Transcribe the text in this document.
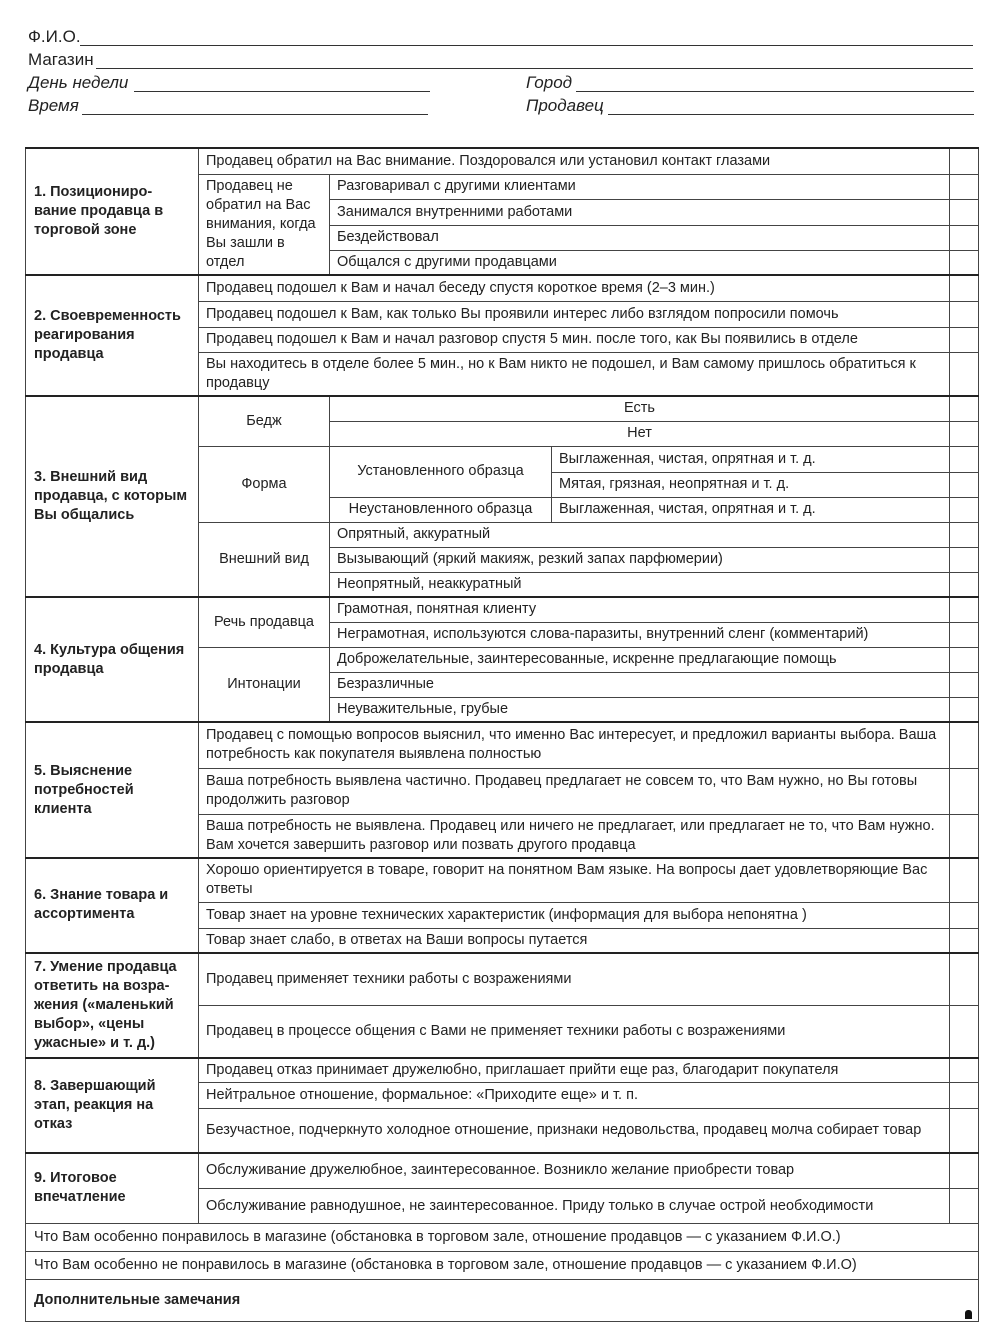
Ф.И.О.
Магазин
День недели
Время
Город
Продавец
1. Позициониро-вание продавца в торговой зоне	Продавец обратил на Вас внимание. Поздоровался или установил контакт глазами			
	Продавец не обратил на Вас внимания, когда Вы зашли в отдел	Разговаривал с другими клиентами		
		Занимался внутренними работами		
		Бездействовал		
		Общался с другими продавцами		
2. Своевременность реагирования продавца	Продавец подошел к Вам и начал беседу спустя короткое время (2–3 мин.)			
	Продавец подошел к Вам, как только Вы проявили интерес либо взглядом попросили помочь			
	Продавец подошел к Вам и начал разговор спустя 5 мин. после того, как Вы появились в отделе			
	Вы находитесь в отделе более 5 мин., но к Вам никто не подошел, и Вам самому пришлось обратиться к продавцу			
3. Внешний вид продавца, с которым Вы общались	Бедж	Есть		
		Нет		
	Форма	Установленного образца	Выглаженная, чистая, опрятная и т. д.	
			Мятая, грязная, неопрятная и т. д.	
		Неустановленного образца	Выглаженная, чистая, опрятная и т. д.	
	Внешний вид	Опрятный, аккуратный		
		Вызывающий (яркий макияж, резкий запах парфюмерии)		
		Неопрятный, неаккуратный		
4. Культура общения продавца	Речь продавца	Грамотная, понятная клиенту		
		Неграмотная, используются слова-паразиты, внутренний сленг (комментарий)		
	Интонации	Доброжелательные, заинтересованные, искренне предлагающие помощь		
		Безразличные		
		Неуважительные, грубые		
5. Выяснение потребностей клиента	Продавец с помощью вопросов выяснил, что именно Вас интересует, и предложил варианты выбора. Ваша потребность как покупателя выявлена полностью			
	Ваша потребность выявлена частично. Продавец предлагает не совсем то, что Вам нужно, но Вы готовы продолжить разговор			
	Ваша потребность не выявлена. Продавец или ничего не предлагает, или предлагает не то, что Вам нужно. Вам хочется завершить разговор или позвать другого продавца			
6. Знание товара и ассортимента	Хорошо ориентируется в товаре, говорит на понятном Вам языке. На вопросы дает удовлетворяющие Вас ответы			
	Товар знает на уровне технических характеристик (информация для выбора непонятна )			
	Товар знает слабо, в ответах на Ваши вопросы путается			
7. Умение продавца ответить на возра-жения («маленький выбор», «цены ужасные» и т. д.)	Продавец применяет техники работы с возражениями			
	Продавец в процессе общения с Вами не применяет техники работы с возражениями			
8. Завершающий этап, реакция на отказ	Продавец отказ принимает дружелюбно, приглашает прийти еще раз, благодарит покупателя			
	Нейтральное отношение, формальное: «Приходите еще» и т. п.			
	Безучастное, подчеркнуто холодное отношение, признаки недовольства, продавец молча собирает товар			
9. Итоговое впечатление	Обслуживание дружелюбное, заинтересованное. Возникло желание приобрести товар			
	Обслуживание равнодушное, не заинтересованное. Приду только в случае острой необходимости			
Что Вам особенно понравилось в магазине (обстановка в торговом зале, отношение продавцов — с указанием Ф.И.О.)				
Что Вам особенно не понравилось в магазине (обстановка в торговом зале, отношение продавцов — с указанием Ф.И.О)				
Дополнительные замечания				
